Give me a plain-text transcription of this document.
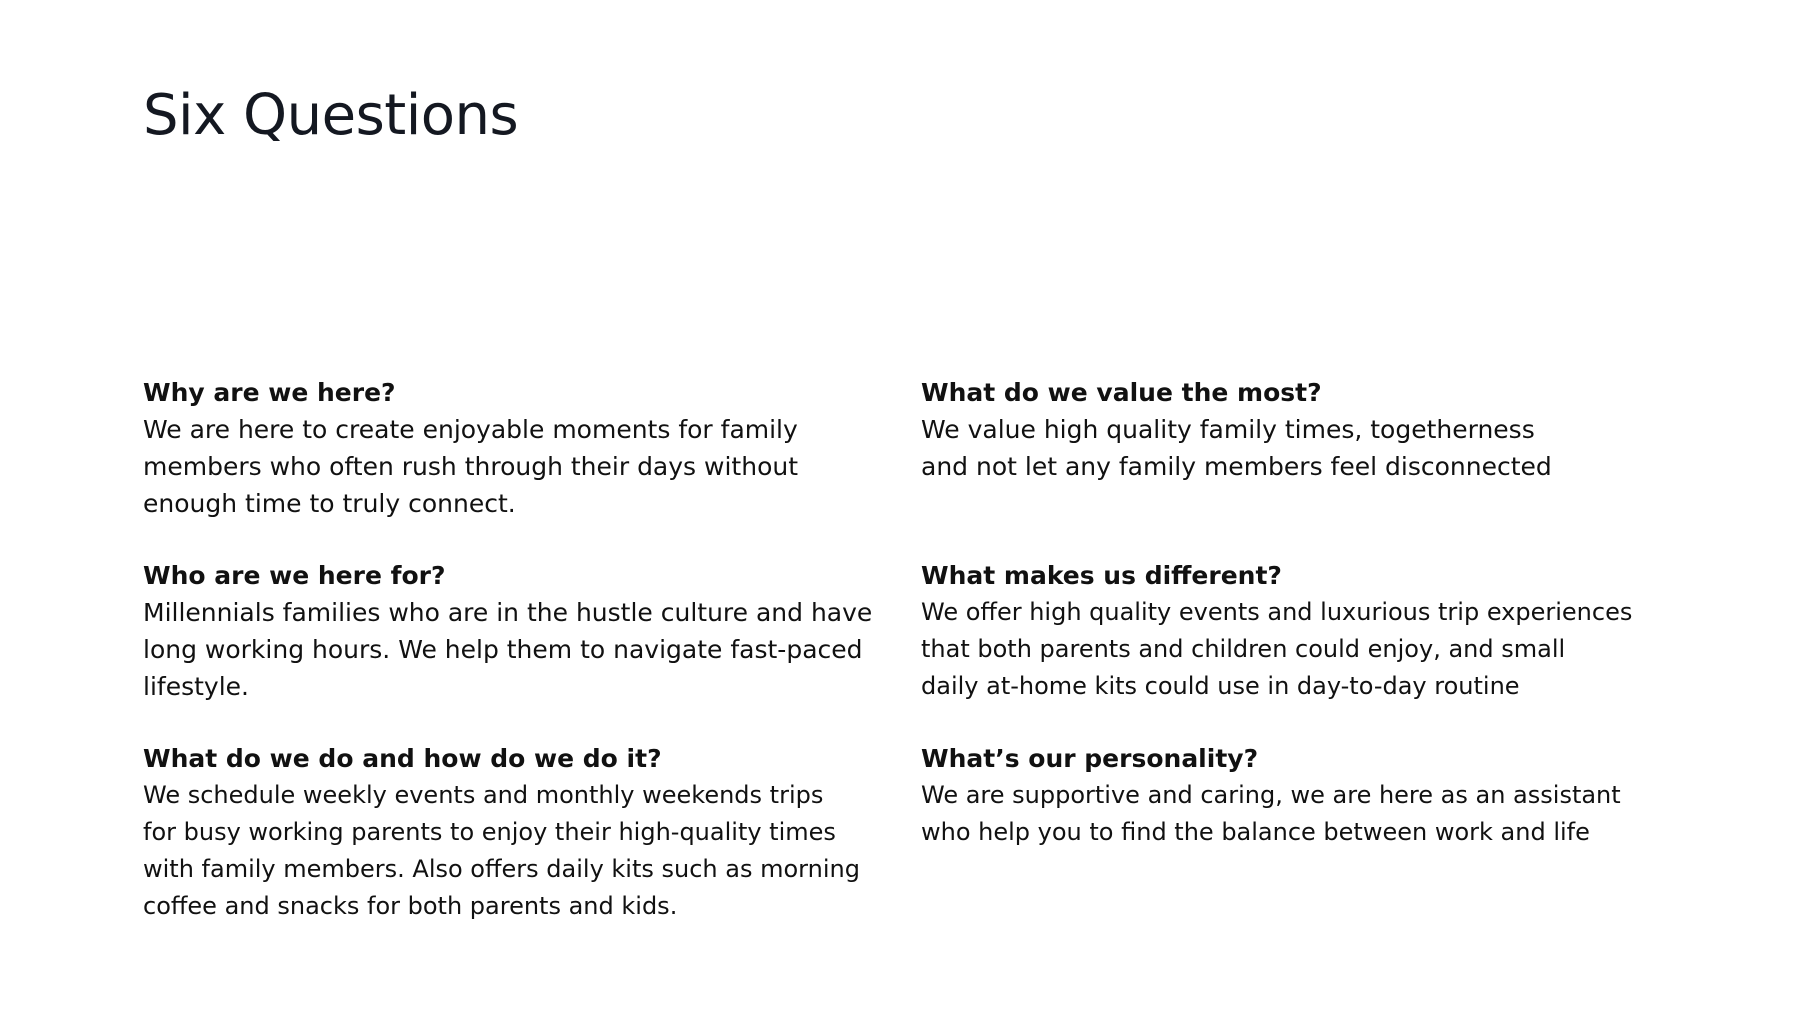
Six Questions

Why are we here?

We are here to create enjoyable moments for family
members who often rush through their days without
enough time to truly connect.

Who are we here for?

Millennials families who are in the hustle culture and have
long working hours. We help them to navigate fast-paced
lifestyle.

What do we do and how do we do it?

We schedule weekly events and monthly weekends trips
for busy working parents to enjoy their high-quality times
with family members. Also offers daily kits such as morning
coffee and snacks for both parents and kids.

What do we value the most?

We value high quality family times, togetherness
and not let any family members feel disconnected

What makes us different?

We offer high quality events and luxurious trip experiences
that both parents and children could enjoy, and small
daily at-home kits could use in day-to-day routine

What’s our personality?

We are supportive and caring, we are here as an assistant
who help you to find the balance between work and life
